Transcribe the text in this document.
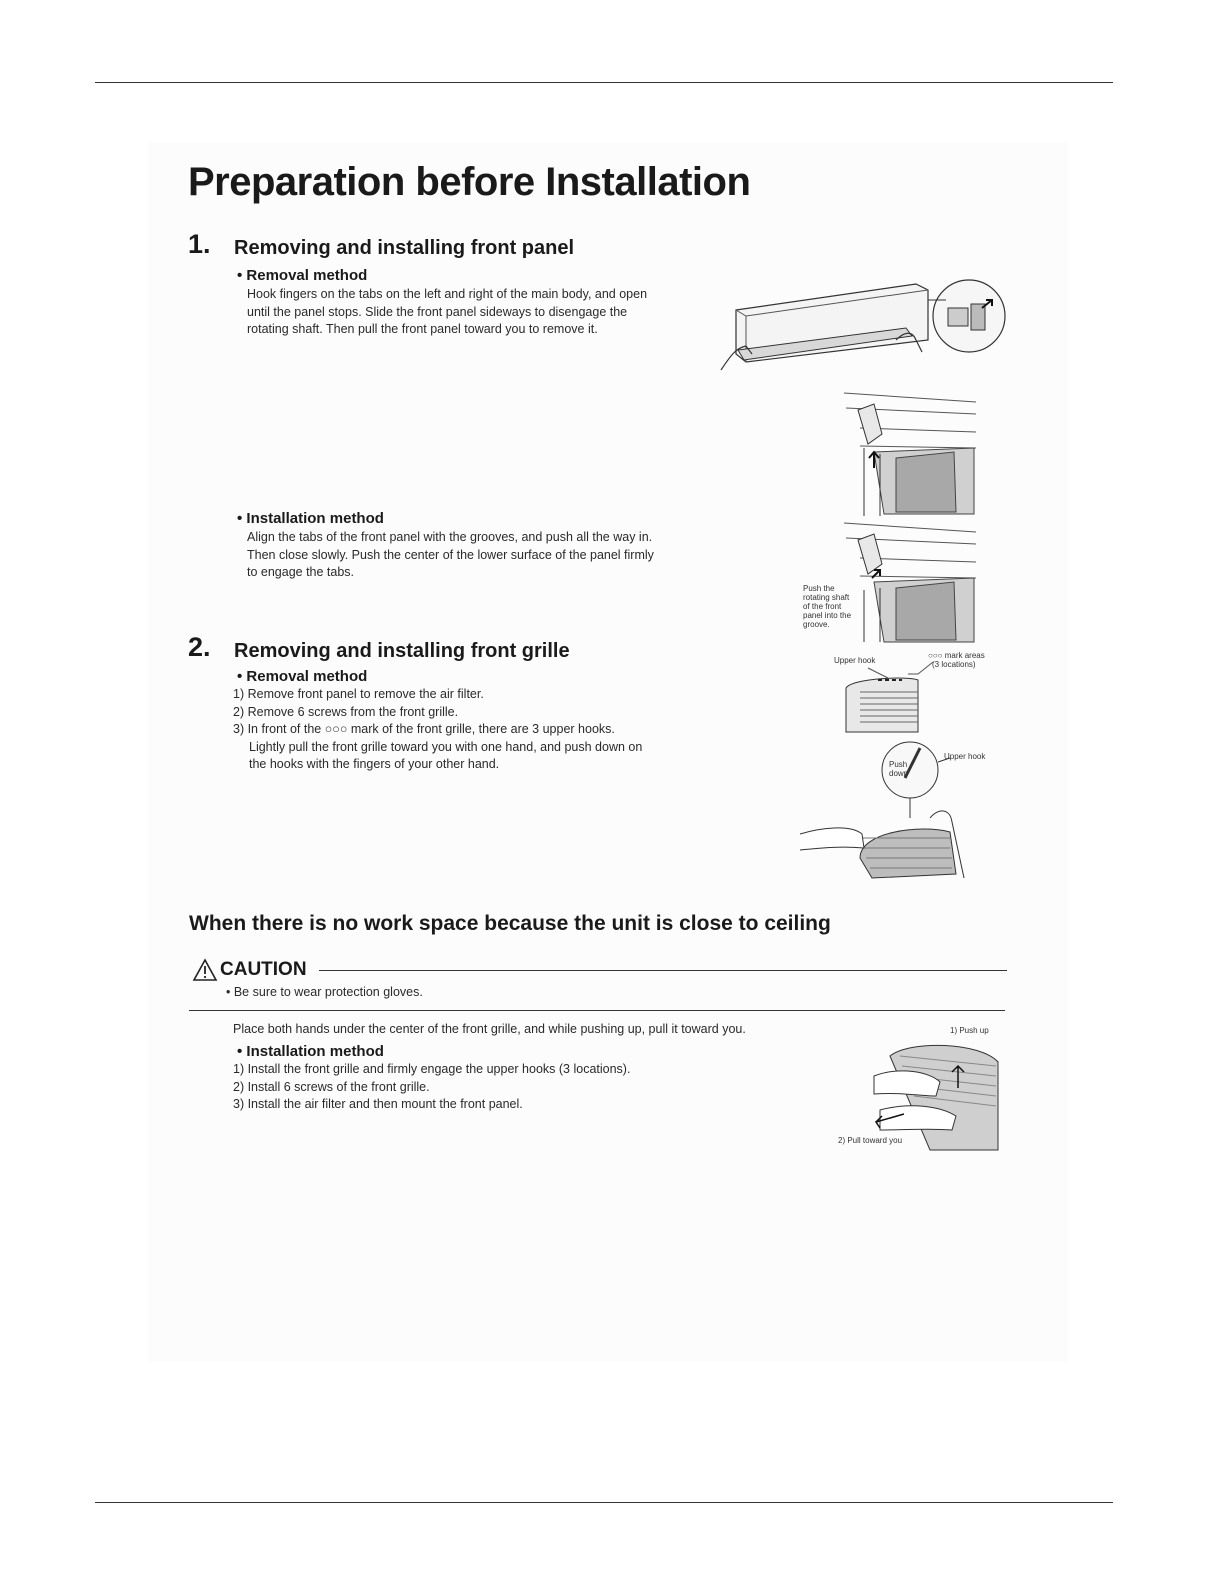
Preparation before Installation
1. Removing and installing front panel
• Removal method

Hook fingers on the tabs on the left and right of the main body, and open

until the panel stops. Slide the front panel sideways to disengage the

rotating shaft. Then pull the front panel toward you to remove it.

• Installation method

Align the tabs of the front panel with the grooves, and push all the way in.

Then close slowly. Push the center of the lower surface of the panel firmly

to engage the tabs.

2. Removing and installing front grille
• Removal method

1) Remove front panel to remove the air filter.

2) Remove 6 screws from the front grille.

3) In front of the ○○○ mark of the front grille, there are 3 upper hooks.

Lightly pull the front grille toward you with one hand, and push down on

the hooks with the fingers of your other hand.

Push the
rotating shaft
of the front
panel into the
groove.
Upper hook
○○○ mark areas
(3 locations)
Push
down
Upper hook
When there is no work space because the unit is close to ceiling
CAUTION
• Be sure to wear protection gloves.
Place both hands under the center of the front grille, and while pushing up, pull it toward you.
• Installation method

1) Install the front grille and firmly engage the upper hooks (3 locations).

2) Install 6 screws of the front grille.

3) Install the air filter and then mount the front panel.

1) Push up
2) Pull toward you
